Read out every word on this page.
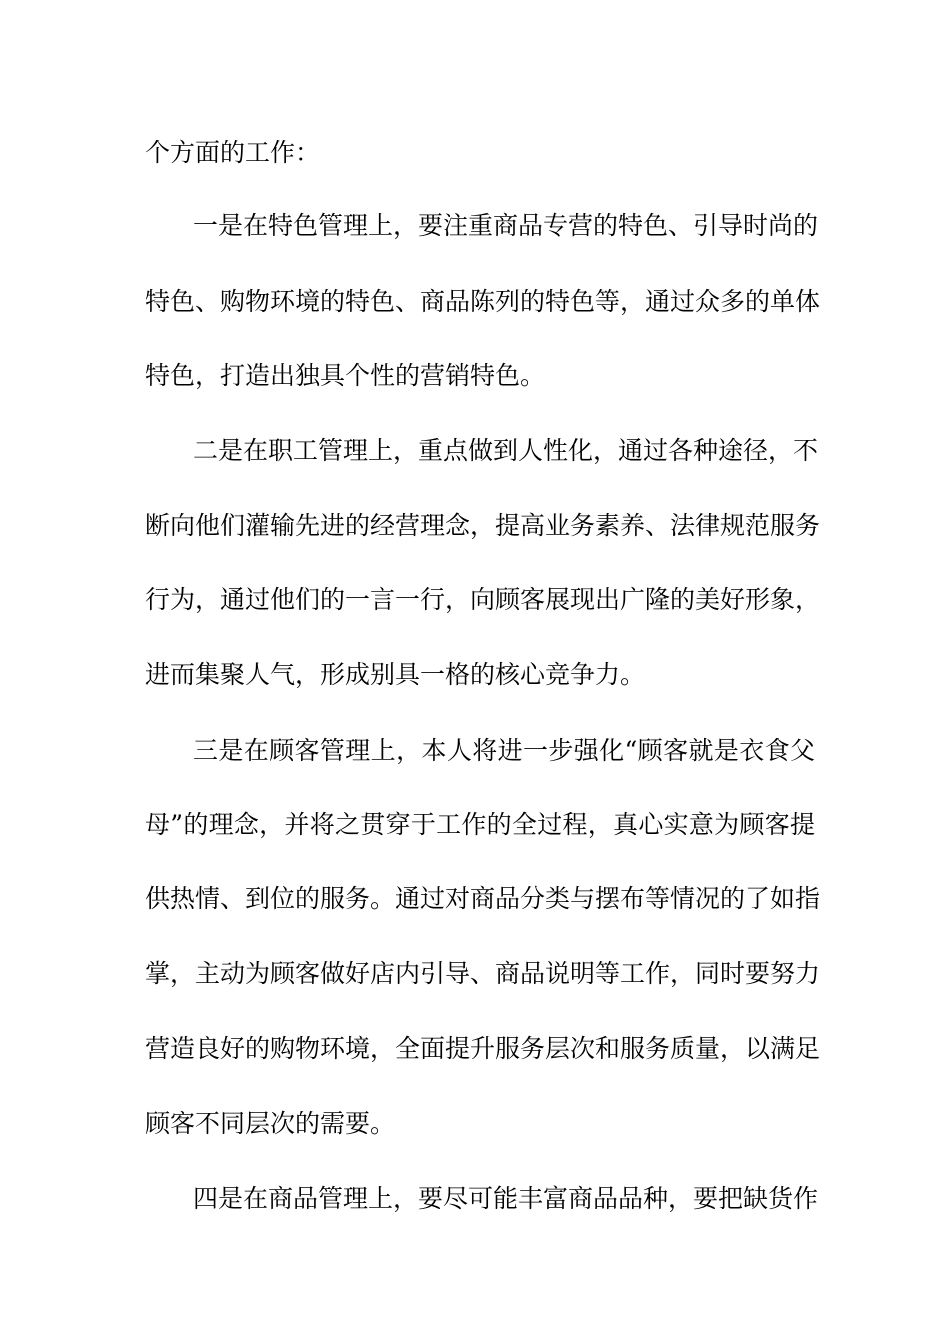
个方面的工作：
一是在特色管理上，要注重商品专营的特色、引导时尚的
特色、购物环境的特色、商品陈列的特色等，通过众多的单体
特色，打造出独具个性的营销特色。
二是在职工管理上，重点做到人性化，通过各种途径，不
断向他们灌输先进的经营理念，提高业务素养、法律规范服务
行为，通过他们的一言一行，向顾客展现出广隆的美好形象，
进而集聚人气，形成别具一格的核心竞争力。
三是在顾客管理上，本人将进一步强化“顾客就是衣食父
母”的理念，并将之贯穿于工作的全过程，真心实意为顾客提
供热情、到位的服务。通过对商品分类与摆布等情况的了如指
掌，主动为顾客做好店内引导、商品说明等工作，同时要努力
营造良好的购物环境，全面提升服务层次和服务质量，以满足
顾客不同层次的需要。
四是在商品管理上，要尽可能丰富商品品种，要把缺货作
